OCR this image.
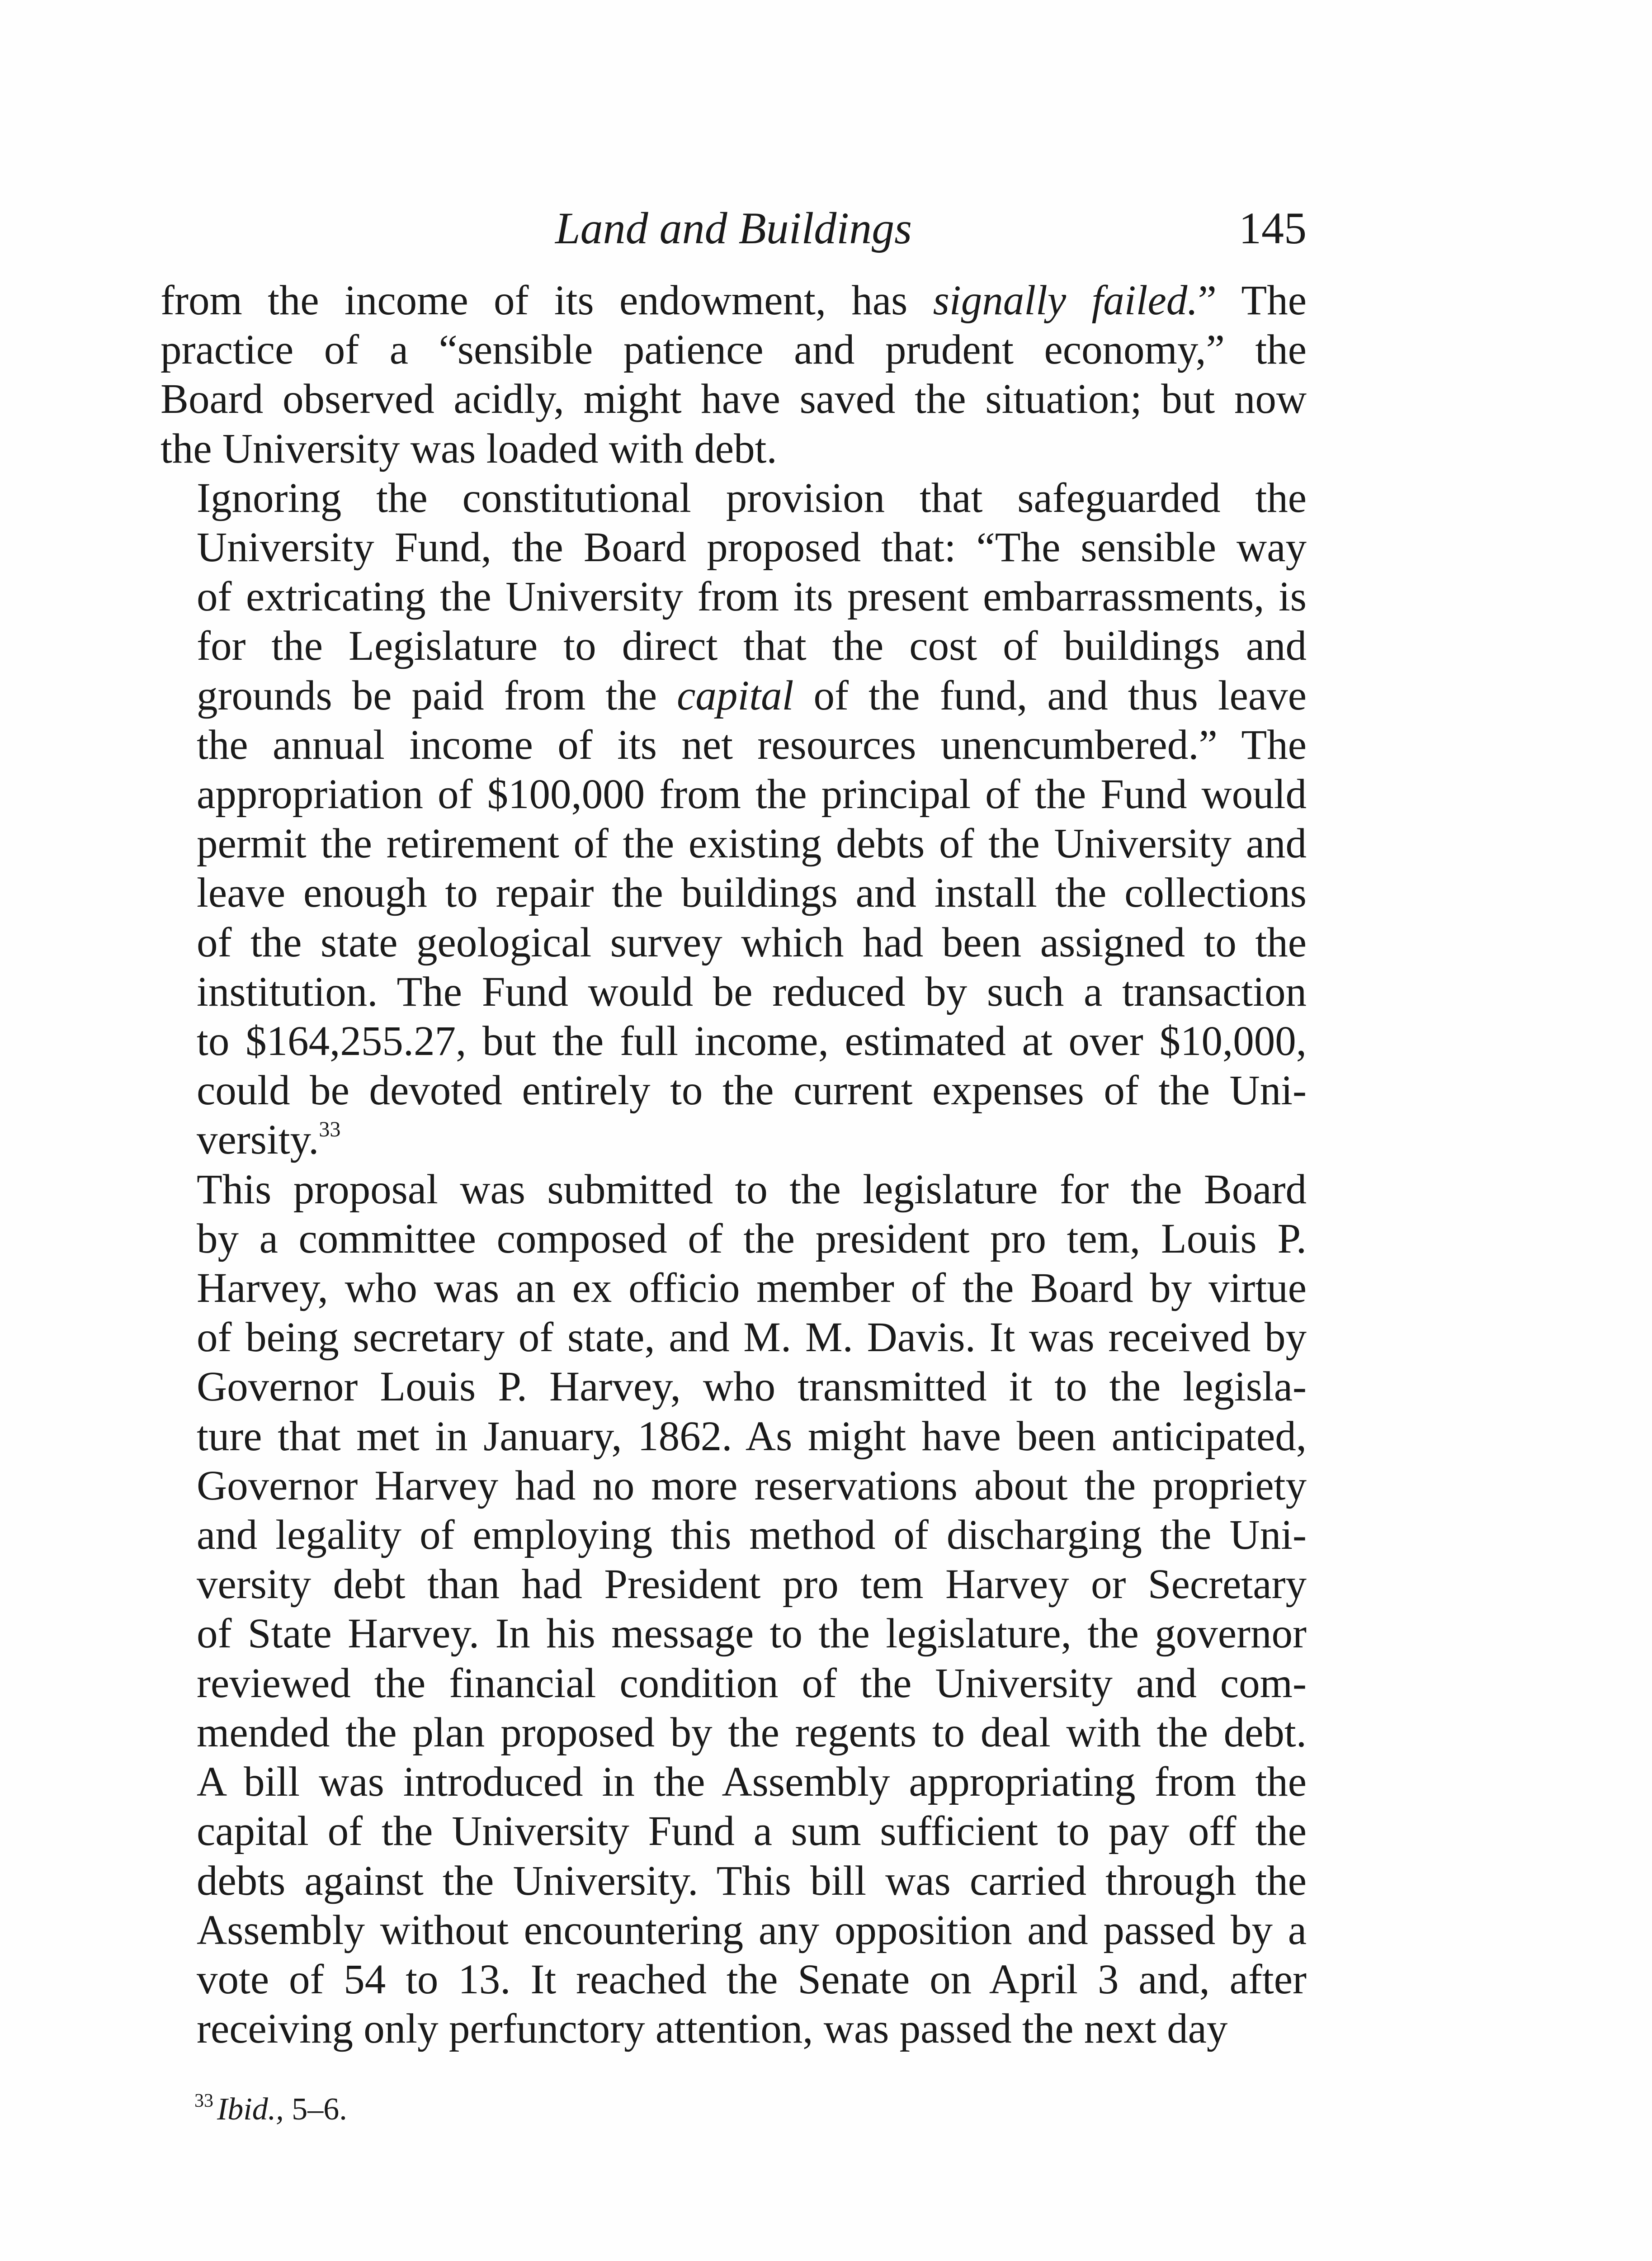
Land and Buildings	145

from the income of its endowment, has signally failed.” The
practice of a “sensible patience and prudent economy,” the
Board observed acidly, might have saved the situation; but now
the University was loaded with debt.

Ignoring the constitutional provision that safeguarded the
University Fund, the Board proposed that: “The sensible way
of extricating the University from its present embarrassments, is
for the Legislature to direct that the cost of buildings and
grounds be paid from the capital of the fund, and thus leave
the annual income of its net resources unencumbered.” The
appropriation of $100,000 from the principal of the Fund would
permit the retirement of the existing debts of the University and
leave enough to repair the buildings and install the collections
of the state geological survey which had been assigned to the
institution. The Fund would be reduced by such a transaction
to $164,255.27, but the full income, estimated at over $10,000,
could be devoted entirely to the current expenses of the Uni-
versity.$^{33}$

This proposal was submitted to the legislature for the Board
by a committee composed of the president pro tem, Louis P.
Harvey, who was an ex officio member of the Board by virtue
of being secretary of state, and M. M. Davis. It was received by
Governor Louis P. Harvey, who transmitted it to the legisla-
ture that met in January, 1862. As might have been anticipated,
Governor Harvey had no more reservations about the propriety
and legality of employing this method of discharging the Uni-
versity debt than had President pro tem Harvey or Secretary
of State Harvey. In his message to the legislature, the governor
reviewed the financial condition of the University and com-
mended the plan proposed by the regents to deal with the debt.
A bill was introduced in the Assembly appropriating from the
capital of the University Fund a sum sufficient to pay off the
debts against the University. This bill was carried through the
Assembly without encountering any opposition and passed by a
vote of 54 to 13. It reached the Senate on April 3 and, after
receiving only perfunctory attention, was passed the next day

$^{33}$ Ibid., 5–6.
